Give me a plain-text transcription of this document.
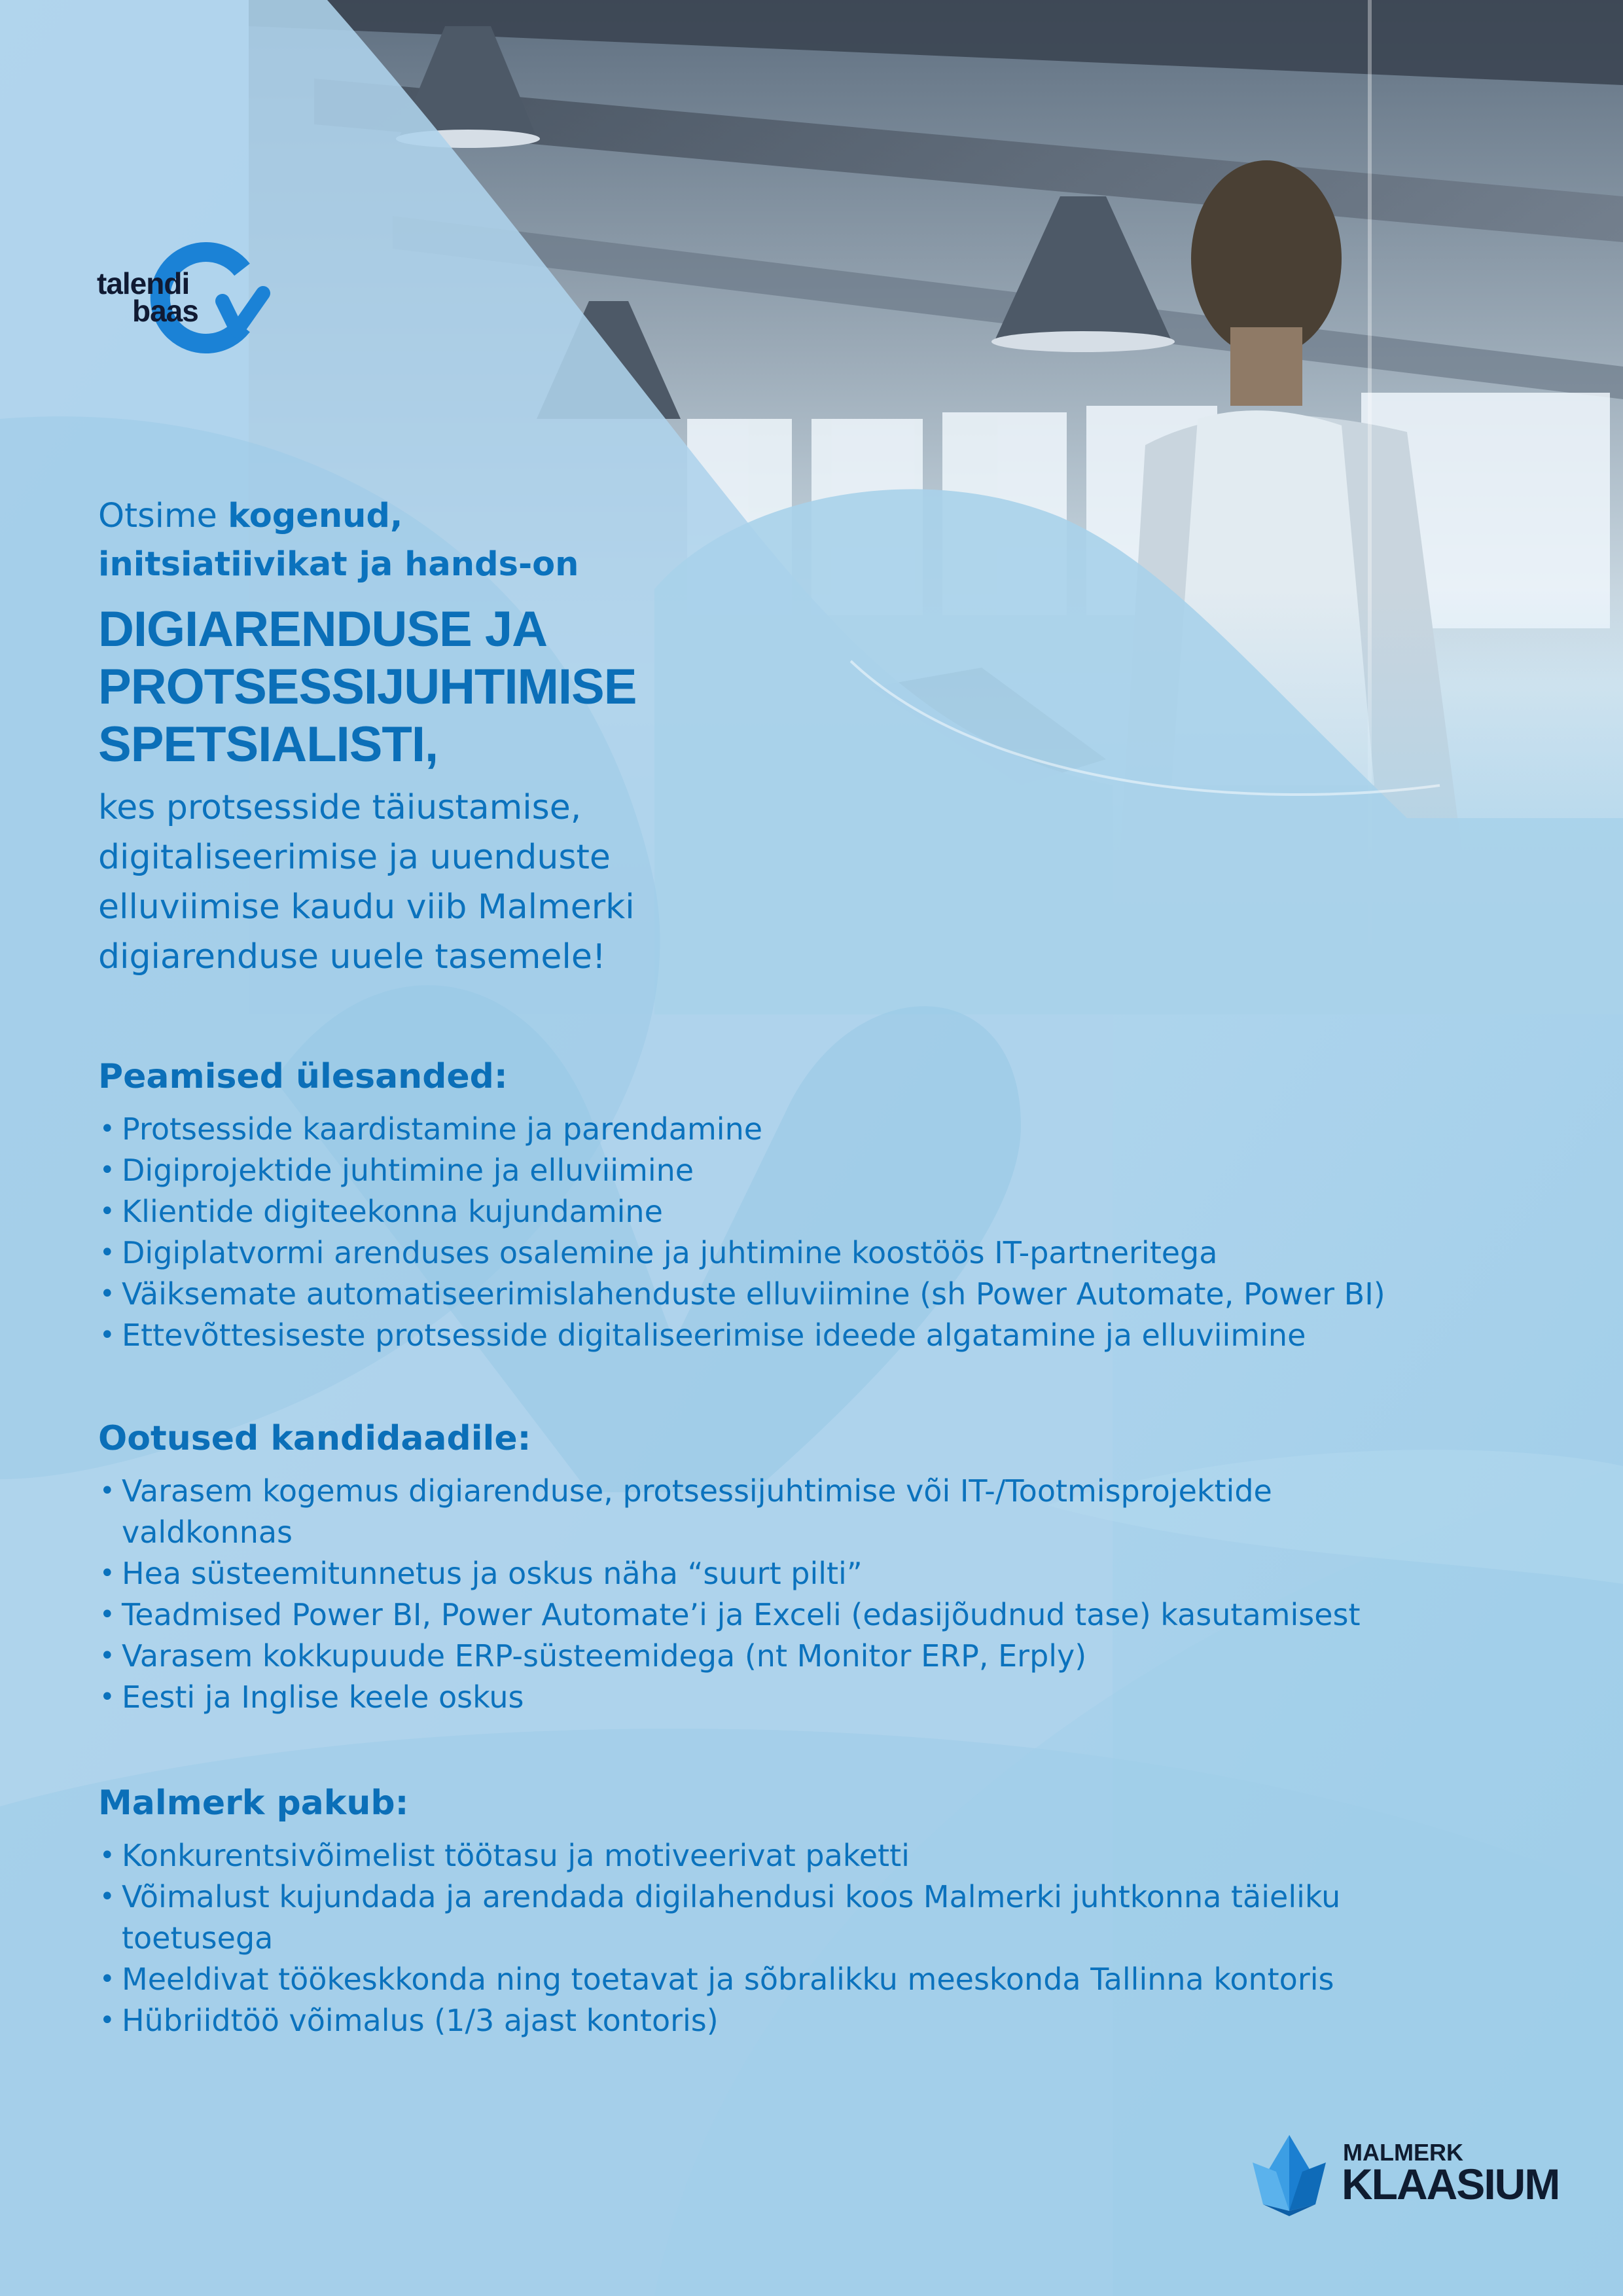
talendi
baas
Otsime kogenud,
initsiatiivikat ja hands-on
DIGIARENDUSE JA
PROTSESSIJUHTIMISE
SPETSIALISTI,
kes protsesside täiustamise,
digitaliseerimise ja uuenduste
elluviimise kaudu viib Malmerki
digiarenduse uuele tasemele!
Peamised ülesanded:
• Protsesside kaardistamine ja parendamine
• Digiprojektide juhtimine ja elluviimine
• Klientide digiteekonna kujundamine
• Digiplatvormi arenduses osalemine ja juhtimine koostöös IT-partneritega
• Väiksemate automatiseerimislahenduste elluviimine (sh Power Automate, Power BI)
• Ettevõttesiseste protsesside digitaliseerimise ideede algatamine ja elluviimine
Ootused kandidaadile:
• Varasem kogemus digiarenduse, protsessijuhtimise või IT-/Tootmisprojektide
valdkonnas
• Hea süsteemitunnetus ja oskus näha “suurt pilti”
• Teadmised Power BI, Power Automate’i ja Exceli (edasijõudnud tase) kasutamisest
• Varasem kokkupuude ERP-süsteemidega (nt Monitor ERP, Erply)
• Eesti ja Inglise keele oskus
Malmerk pakub:
• Konkurentsivõimelist töötasu ja motiveerivat paketti
• Võimalust kujundada ja arendada digilahendusi koos Malmerki juhtkonna täieliku
toetusega
• Meeldivat töökeskkonda ning toetavat ja sõbralikku meeskonda Tallinna kontoris
• Hübriidtöö võimalus (1/3 ajast kontoris)
MALMERK
KLAASIUM
